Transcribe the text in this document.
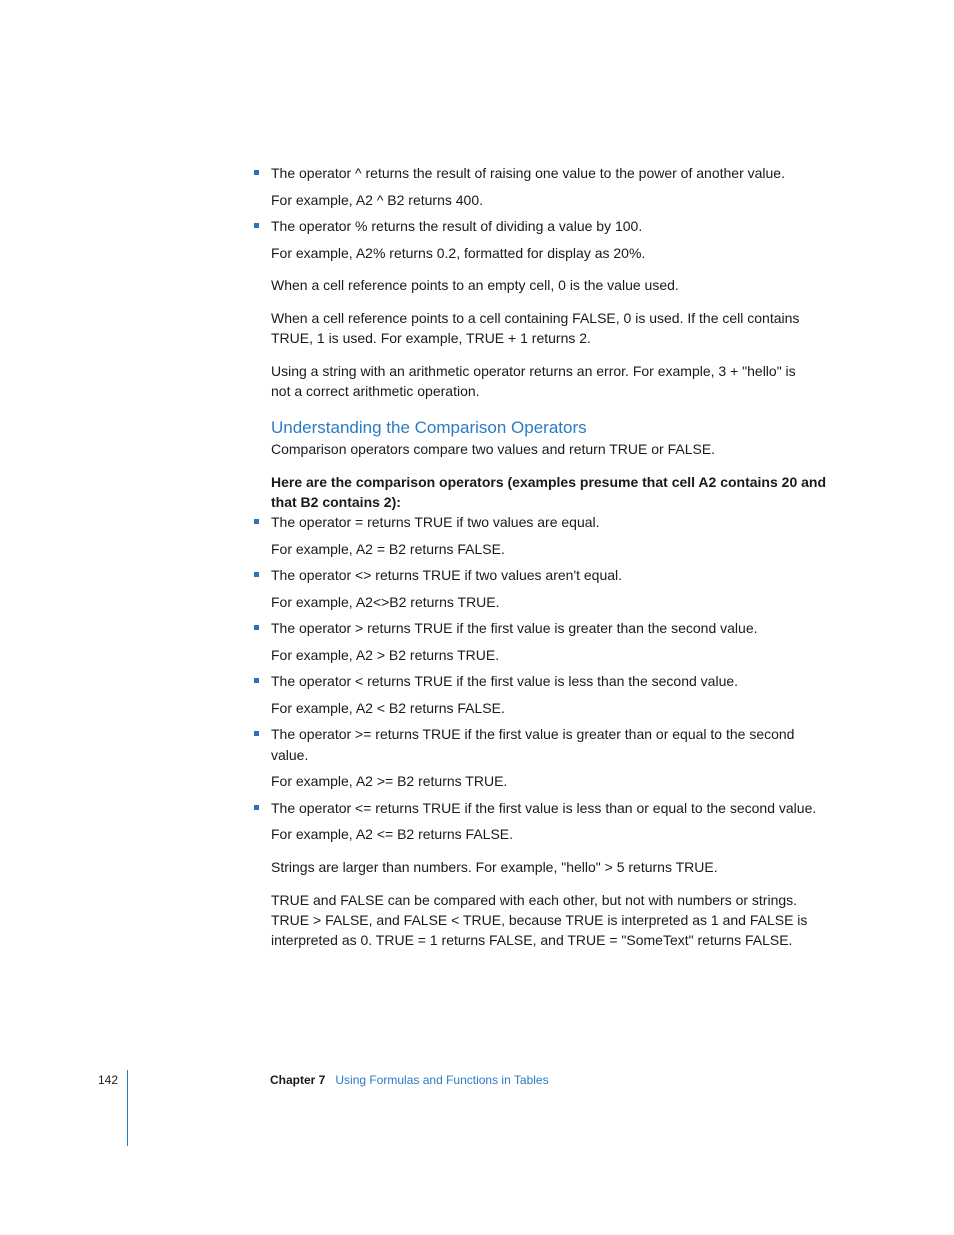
The operator ^ returns the result of raising one value to the power of another value.

For example, A2 ^ B2 returns 400.

The operator % returns the result of dividing a value by 100.

For example, A2% returns 0.2, formatted for display as 20%.

When a cell reference points to an empty cell, 0 is the value used.

When a cell reference points to a cell containing FALSE, 0 is used. If the cell contains

TRUE, 1 is used. For example, TRUE + 1 returns 2.

Using a string with an arithmetic operator returns an error. For example, 3 + "hello" is

not a correct arithmetic operation.

Understanding the Comparison Operators

Comparison operators compare two values and return TRUE or FALSE.

Here are the comparison operators (examples presume that cell A2 contains 20 and

that B2 contains 2):

The operator = returns TRUE if two values are equal.

For example, A2 = B2 returns FALSE.

The operator <> returns TRUE if two values aren't equal.

For example, A2<>B2 returns TRUE.

The operator > returns TRUE if the first value is greater than the second value.

For example, A2 > B2 returns TRUE.

The operator < returns TRUE if the first value is less than the second value.

For example, A2 < B2 returns FALSE.

The operator >= returns TRUE if the first value is greater than or equal to the second

value.

For example, A2 >= B2 returns TRUE.

The operator <= returns TRUE if the first value is less than or equal to the second value.

For example, A2 <= B2 returns FALSE.

Strings are larger than numbers. For example, "hello" > 5 returns TRUE.

TRUE and FALSE can be compared with each other, but not with numbers or strings.

TRUE > FALSE, and FALSE < TRUE, because TRUE is interpreted as 1 and FALSE is

interpreted as 0. TRUE = 1 returns FALSE, and TRUE = "SomeText" returns FALSE.

142	Chapter 7 Using Formulas and Functions in Tables
